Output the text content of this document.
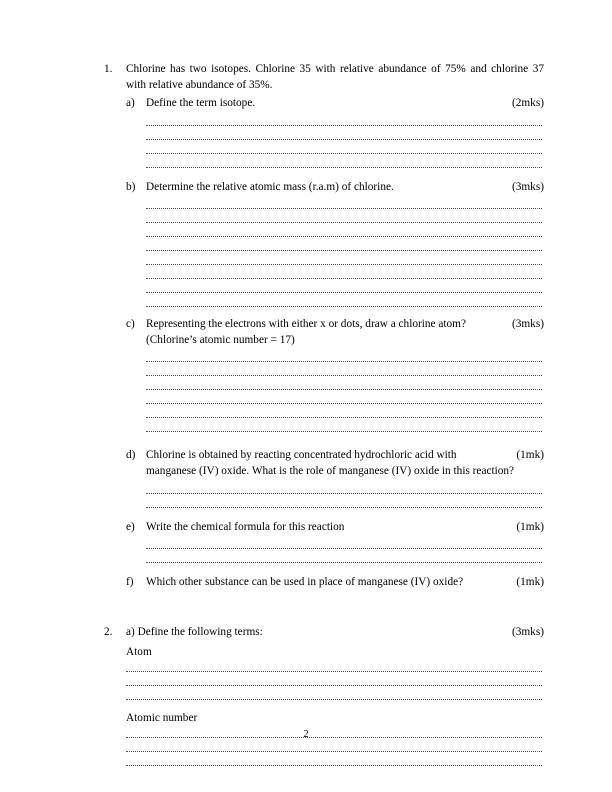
1.	Chlorine has two isotopes. Chlorine 35 with relative abundance of 75% and chlorine 37 with relative abundance of 35%.
a)	(2mks)
Define the term isotope.
b)	(3mks)
Determine the relative atomic mass (r.a.m) of chlorine.
c)	(3mks)
Representing the electrons with either x or dots, draw a chlorine atom?
(Chlorine’s atomic number = 17)
d)	(1mk)
Chlorine is obtained by reacting concentrated hydrochloric acid with manganese (IV) oxide. What is the role of manganese (IV) oxide in this reaction?
e)	(1mk)
Write the chemical formula for this reaction
f)	(1mk)
Which other substance can be used in place of manganese (IV) oxide?
2.	(3mks)
a) Define the following terms:
Atom
Atomic number
2
